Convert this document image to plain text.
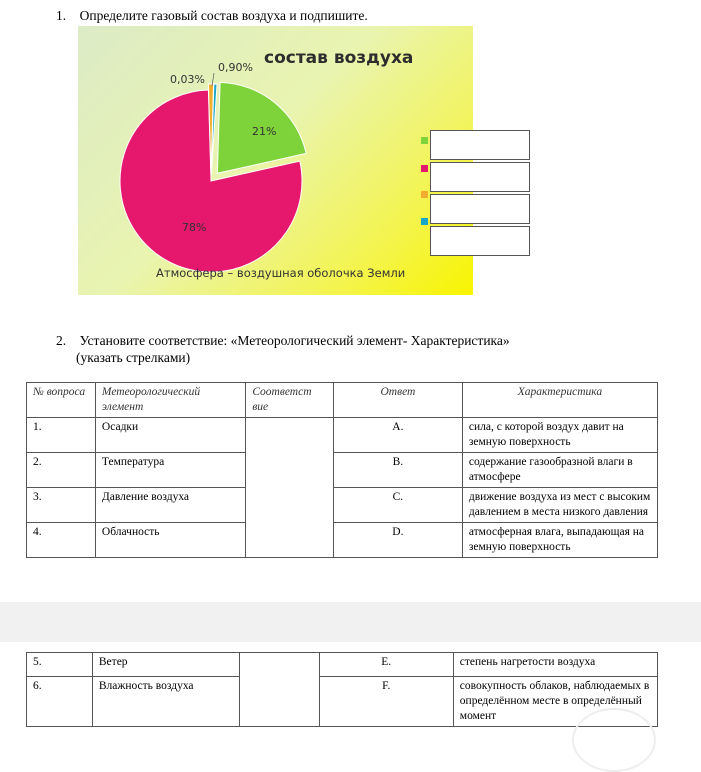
1. Определите газовый состав воздуха и подпишите.
состав воздуха
21%
78%
0,90%
0,03%
Атмосфера – воздушная оболочка Земли
2. Установите соответствие: «Метеорологический элемент- Характеристика»
(указать стрелками)
№ вопроса	Метеорологический элемент	Соответст вие	Ответ	Характеристика
1.	Осадки		A.	сила, с которой воздух давит на земную поверхность
2.	Температура		B.	содержание газообразной влаги в атмосфере
3.	Давление воздуха		C.	движение воздуха из мест с высоким давлением в места низкого давления
4.	Облачность		D.	атмосферная влага, выпадающая на земную поверхность
5.	Ветер		E.	степень нагретости воздуха
6.	Влажность воздуха		F.	совокупность облаков, наблюдаемых в определённом месте в определённый момент
